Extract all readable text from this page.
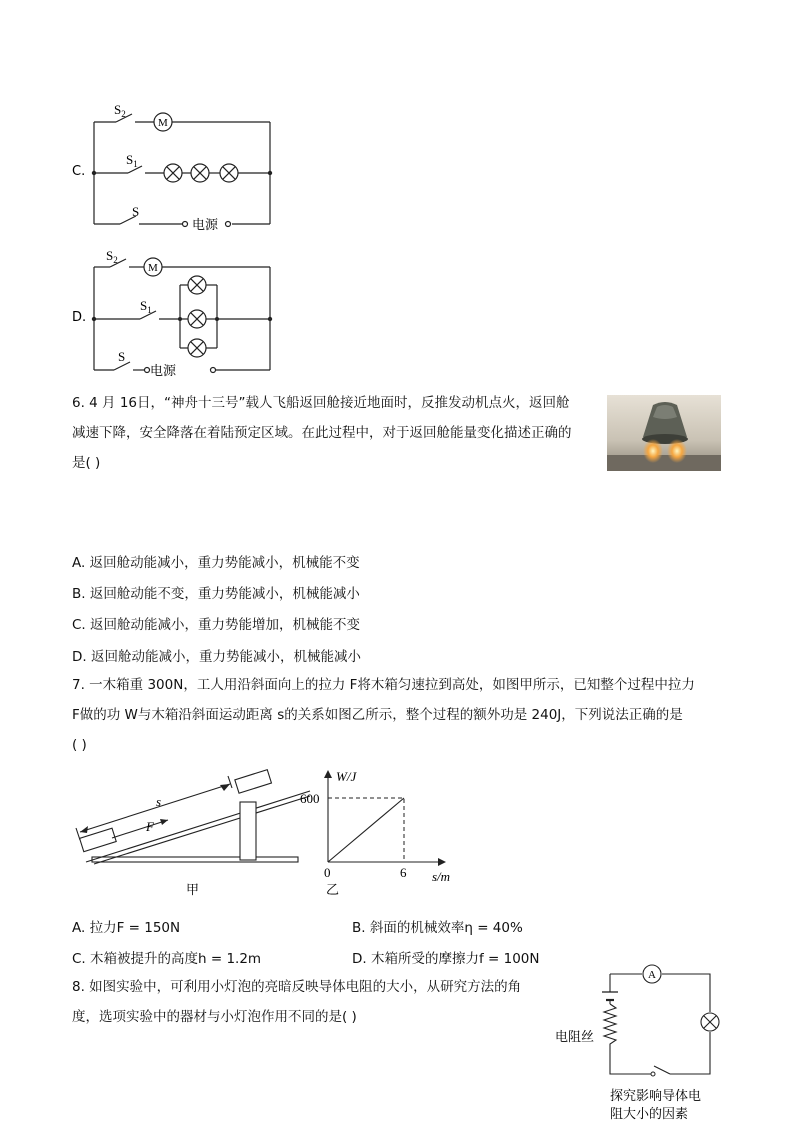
C.
$S_2$
M
$S_1$
S
电源
D.
$S_2$
M
$S_1$
S
电源
6. 4 月 16日，“神舟十三号”载人飞船返回舱接近地面时，反推发动机点火，返回舱
减速下降，安全降落在着陆预定区域。在此过程中，对于返回舱能量变化描述正确的
是( )
A. 返回舱动能减小，重力势能减小，机械能不变
B. 返回舱动能不变，重力势能减小，机械能减小
C. 返回舱动能减小，重力势能增加，机械能不变
D. 返回舱动能减小，重力势能减小，机械能减小
7. 一木箱重 300N，工人用沿斜面向上的拉力 F将木箱匀速拉到高处，如图甲所示，已知整个过程中拉力
F做的功 W与木箱沿斜面运动距离 s的关系如图乙所示，整个过程的额外功是 240J，下列说法正确的是
( )
s
F
甲
W/J
s/m
600
6
0
乙
A. 拉力F = 150N	B. 斜面的机械效率η = 40%
C. 木箱被提升的高度h = 1.2m	D. 木箱所受的摩擦力f = 100N
8. 如图实验中，可利用小灯泡的亮暗反映导体电阻的大小，从研究方法的角
度，选项实验中的器材与小灯泡作用不同的是( )
A
电阻丝
探究影响导体电
阻大小的因素
